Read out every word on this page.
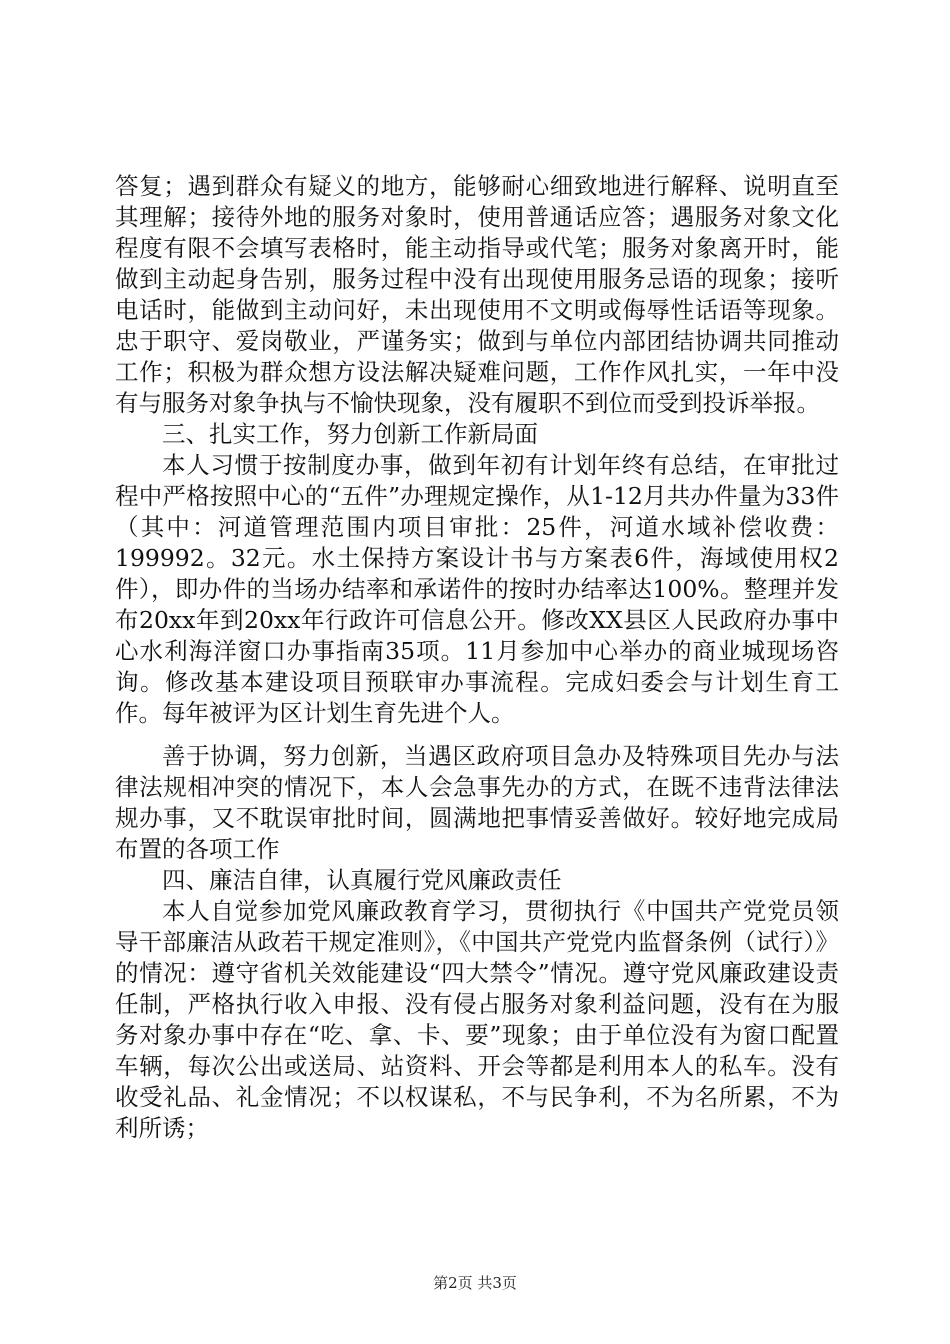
答复；遇到群众有疑义的地方，能够耐心细致地进行解释、说明直至其理解；接待外地的服务对象时，使用普通话应答；遇服务对象文化程度有限不会填写表格时，能主动指导或代笔；服务对象离开时，能做到主动起身告别，服务过程中没有出现使用服务忌语的现象；接听电话时，能做到主动问好，未出现使用不文明或侮辱性话语等现象。忠于职守、爱岗敬业，严谨务实；做到与单位内部团结协调共同推动工作；积极为群众想方设法解决疑难问题，工作作风扎实，一年中没有与服务对象争执与不愉快现象，没有履职不到位而受到投诉举报。

三、扎实工作，努力创新工作新局面

本人习惯于按制度办事，做到年初有计划年终有总结，在审批过程中严格按照中心的“五件”办理规定操作，从1-12月共办件量为33件（其中：河道管理范围内项目审批：25件，河道水域补偿收费：199992。32元。水土保持方案设计书与方案表6件，海域使用权2件），即办件的当场办结率和承诺件的按时办结率达100%。整理并发布20xx年到20xx年行政许可信息公开。修改XX县区人民政府办事中心水利海洋窗口办事指南35项。11月参加中心举办的商业城现场咨询。修改基本建设项目预联审办事流程。完成妇委会与计划生育工作。每年被评为区计划生育先进个人。

善于协调，努力创新，当遇区政府项目急办及特殊项目先办与法律法规相冲突的情况下，本人会急事先办的方式，在既不违背法律法规办事，又不耽误审批时间，圆满地把事情妥善做好。较好地完成局布置的各项工作

四、廉洁自律，认真履行党风廉政责任

本人自觉参加党风廉政教育学习，贯彻执行《中国共产党党员领导干部廉洁从政若干规定准则》，《中国共产党党内监督条例（试行）》的情况：遵守省机关效能建设“四大禁令”情况。遵守党风廉政建设责任制，严格执行收入申报、没有侵占服务对象利益问题，没有在为服务对象办事中存在“吃、拿、卡、要”现象；由于单位没有为窗口配置车辆，每次公出或送局、站资料、开会等都是利用本人的私车。没有收受礼品、礼金情况；不以权谋私，不与民争利，不为名所累，不为利所诱；

第2页 共3页
